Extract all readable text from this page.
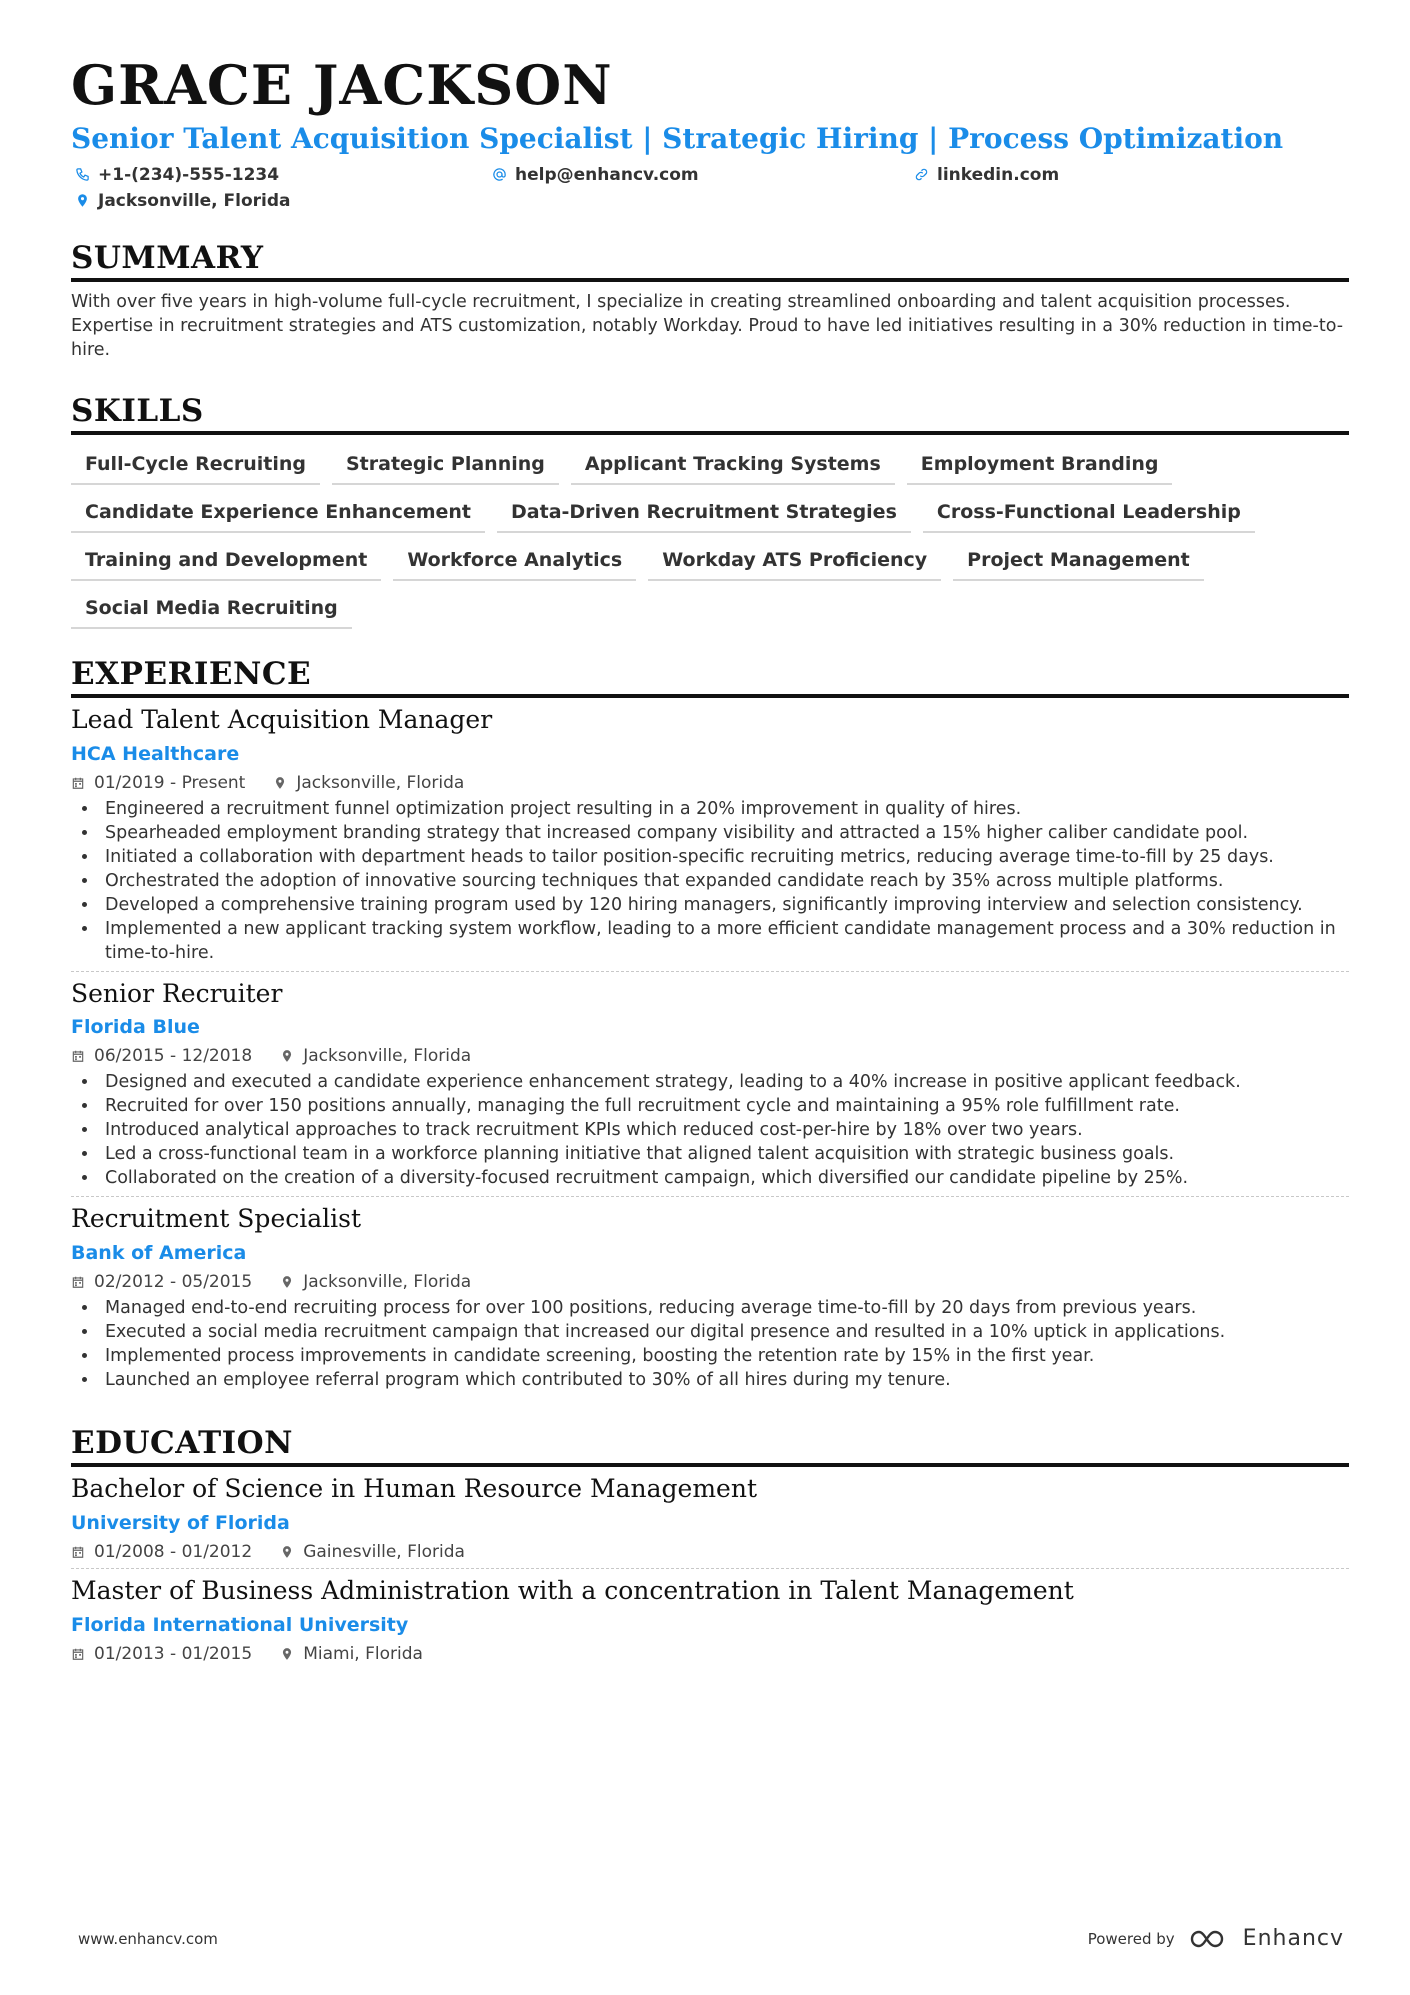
GRACE JACKSON
Senior Talent Acquisition Specialist | Strategic Hiring | Process Optimization
+1-(234)-555-1234	help@enhancv.com	linkedin.com
Jacksonville, Florida
SUMMARY
With over five years in high-volume full-cycle recruitment, I specialize in creating streamlined onboarding and talent acquisition processes. Expertise in recruitment strategies and ATS customization, notably Workday. Proud to have led initiatives resulting in a 30% reduction in time-to-hire.
SKILLS
Full-Cycle Recruiting	Strategic Planning	Applicant Tracking Systems	Employment Branding
Candidate Experience Enhancement	Data-Driven Recruitment Strategies	Cross-Functional Leadership
Training and Development	Workforce Analytics	Workday ATS Proficiency	Project Management
Social Media Recruiting
EXPERIENCE
Lead Talent Acquisition Manager
HCA Healthcare
01/2019 - Present	Jacksonville, Florida
• Engineered a recruitment funnel optimization project resulting in a 20% improvement in quality of hires.
• Spearheaded employment branding strategy that increased company visibility and attracted a 15% higher caliber candidate pool.
• Initiated a collaboration with department heads to tailor position-specific recruiting metrics, reducing average time-to-fill by 25 days.
• Orchestrated the adoption of innovative sourcing techniques that expanded candidate reach by 35% across multiple platforms.
• Developed a comprehensive training program used by 120 hiring managers, significantly improving interview and selection consistency.
• Implemented a new applicant tracking system workflow, leading to a more efficient candidate management process and a 30% reduction in time-to-hire.
Senior Recruiter
Florida Blue
06/2015 - 12/2018	Jacksonville, Florida
• Designed and executed a candidate experience enhancement strategy, leading to a 40% increase in positive applicant feedback.
• Recruited for over 150 positions annually, managing the full recruitment cycle and maintaining a 95% role fulfillment rate.
• Introduced analytical approaches to track recruitment KPIs which reduced cost-per-hire by 18% over two years.
• Led a cross-functional team in a workforce planning initiative that aligned talent acquisition with strategic business goals.
• Collaborated on the creation of a diversity-focused recruitment campaign, which diversified our candidate pipeline by 25%.
Recruitment Specialist
Bank of America
02/2012 - 05/2015	Jacksonville, Florida
• Managed end-to-end recruiting process for over 100 positions, reducing average time-to-fill by 20 days from previous years.
• Executed a social media recruitment campaign that increased our digital presence and resulted in a 10% uptick in applications.
• Implemented process improvements in candidate screening, boosting the retention rate by 15% in the first year.
• Launched an employee referral program which contributed to 30% of all hires during my tenure.
EDUCATION
Bachelor of Science in Human Resource Management
University of Florida
01/2008 - 01/2012	Gainesville, Florida
Master of Business Administration with a concentration in Talent Management
Florida International University
01/2013 - 01/2015	Miami, Florida
www.enhancv.com	Powered by	Enhancv
